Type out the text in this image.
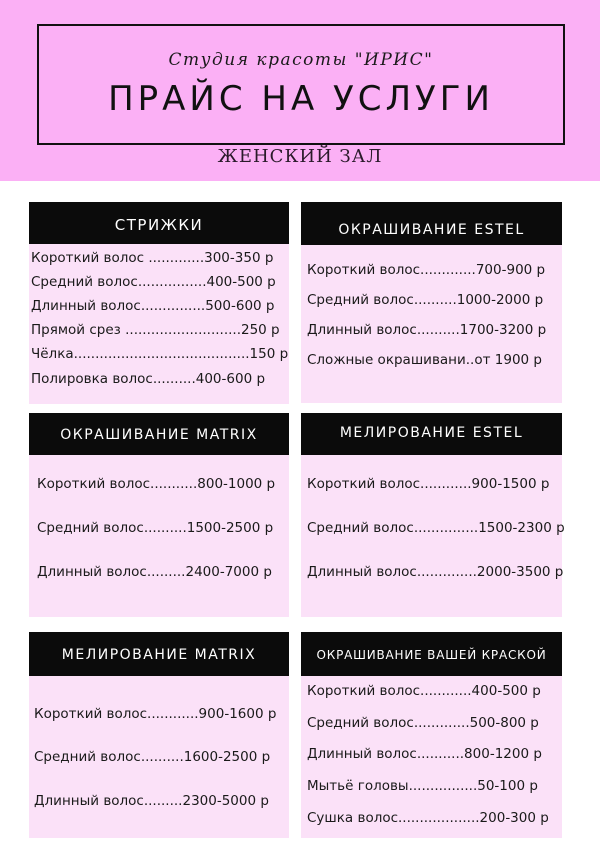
Студия красоты "ИРИС"
ПРАЙС НА УСЛУГИ
ЖЕНСКИЙ ЗАЛ
СТРИЖКИ
Короткий волос .............300-350 р
Средний волос................400-500 р
Длинный волос...............500-600 р
Прямой срез ...........................250 р
Чёлка.........................................150 р
Полировка волос..........400-600 р
ОКРАШИВАНИЕ ESTEL
Короткий волос.............700-900 р
Средний волос..........1000-2000 р
Длинный волос..........1700-3200 р
Сложные окрашивани..от 1900 р
ОКРАШИВАНИЕ MATRIX
Короткий волос...........800-1000 р
Средний волос..........1500-2500 р
Длинный волос.........2400-7000 р
МЕЛИРОВАНИЕ ESTEL
Короткий волос............900-1500 р
Средний волос...............1500-2300 р
Длинный волос..............2000-3500 р
МЕЛИРОВАНИЕ MATRIX
Короткий волос............900-1600 р
Средний волос..........1600-2500 р
Длинный волос.........2300-5000 р
ОКРАШИВАНИЕ ВАШЕЙ КРАСКОЙ
Короткий волос............400-500 р
Средний волос.............500-800 р
Длинный волос...........800-1200 р
Мытьё головы................50-100 р
Сушка волос...................200-300 р
